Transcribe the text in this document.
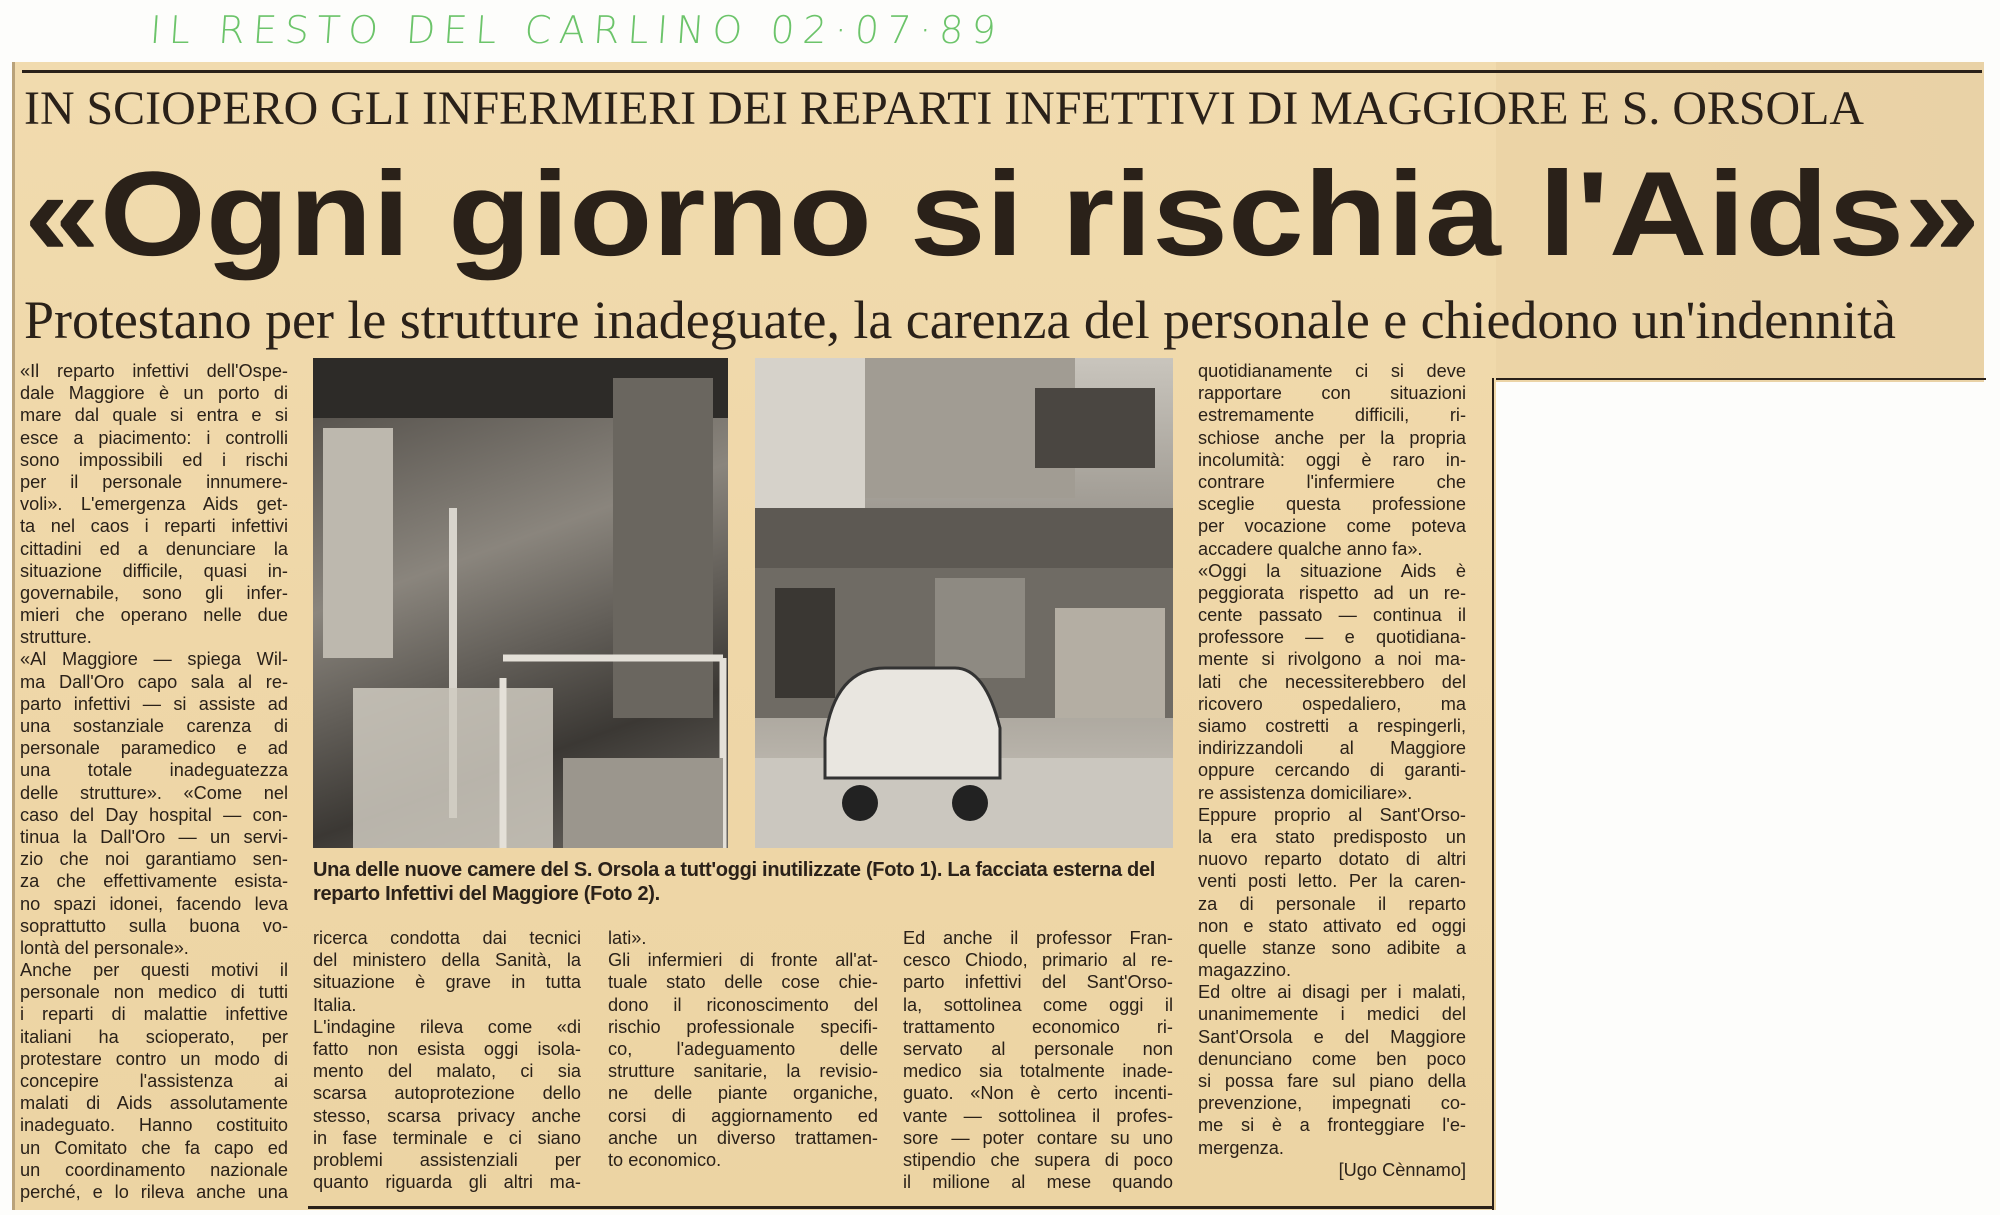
IL RESTO DEL CARLINO 02·07·89
IN SCIOPERO GLI INFERMIERI DEI REPARTI INFETTIVI DI MAGGIORE E S. ORSOLA
«Ogni giorno si rischia l'Aids»
Protestano per le strutture inadeguate, la carenza del personale e chiedono un'indennità
Una delle nuove camere del S. Orsola a tutt'oggi inutilizzate (Foto 1). La facciata esterna del reparto Infettivi del Maggiore (Foto 2).
«Il reparto infettivi dell'Ospe-
dale Maggiore è un porto di
mare dal quale si entra e si
esce a piacimento: i controlli
sono impossibili ed i rischi
per il personale innumere-
voli». L'emergenza Aids get-
ta nel caos i reparti infettivi
cittadini ed a denunciare la
situazione difficile, quasi in-
governabile, sono gli infer-
mieri che operano nelle due
strutture.
«Al Maggiore — spiega Wil-
ma Dall'Oro capo sala al re-
parto infettivi — si assiste ad
una sostanziale carenza di
personale paramedico e ad
una totale inadeguatezza
delle strutture». «Come nel
caso del Day hospital — con-
tinua la Dall'Oro — un servi-
zio che noi garantiamo sen-
za che effettivamente esista-
no spazi idonei, facendo leva
soprattutto sulla buona vo-
lontà del personale».
Anche per questi motivi il
personale non medico di tutti
i reparti di malattie infettive
italiani ha scioperato, per
protestare contro un modo di
concepire l'assistenza ai
malati di Aids assolutamente
inadeguato. Hanno costituito
un Comitato che fa capo ed
un coordinamento nazionale
perché, e lo rileva anche una
ricerca condotta dai tecnici
del ministero della Sanità, la
situazione è grave in tutta
Italia.
L'indagine rileva come «di
fatto non esista oggi isola-
mento del malato, ci sia
scarsa autoprotezione dello
stesso, scarsa privacy anche
in fase terminale e ci siano
problemi assistenziali per
quanto riguarda gli altri ma-
lati».
Gli infermieri di fronte all'at-
tuale stato delle cose chie-
dono il riconoscimento del
rischio professionale specifi-
co, l'adeguamento delle
strutture sanitarie, la revisio-
ne delle piante organiche,
corsi di aggiornamento ed
anche un diverso trattamen-
to economico.
Ed anche il professor Fran-
cesco Chiodo, primario al re-
parto infettivi del Sant'Orso-
la, sottolinea come oggi il
trattamento economico ri-
servato al personale non
medico sia totalmente inade-
guato. «Non è certo incenti-
vante — sottolinea il profes-
sore — poter contare su uno
stipendio che supera di poco
il milione al mese quando
quotidianamente ci si deve
rapportare con situazioni
estremamente difficili, ri-
schiose anche per la propria
incolumità: oggi è raro in-
contrare l'infermiere che
sceglie questa professione
per vocazione come poteva
accadere qualche anno fa».
«Oggi la situazione Aids è
peggiorata rispetto ad un re-
cente passato — continua il
professore — e quotidiana-
mente si rivolgono a noi ma-
lati che necessiterebbero del
ricovero ospedaliero, ma
siamo costretti a respingerli,
indirizzandoli al Maggiore
oppure cercando di garanti-
re assistenza domiciliare».
Eppure proprio al Sant'Orso-
la era stato predisposto un
nuovo reparto dotato di altri
venti posti letto. Per la caren-
za di personale il reparto
non e stato attivato ed oggi
quelle stanze sono adibite a
magazzino.
Ed oltre ai disagi per i malati,
unanimemente i medici del
Sant'Orsola e del Maggiore
denunciano come ben poco
si possa fare sul piano della
prevenzione, impegnati co-
me si è a fronteggiare l'e-
mergenza.
[Ugo Cènnamo]
